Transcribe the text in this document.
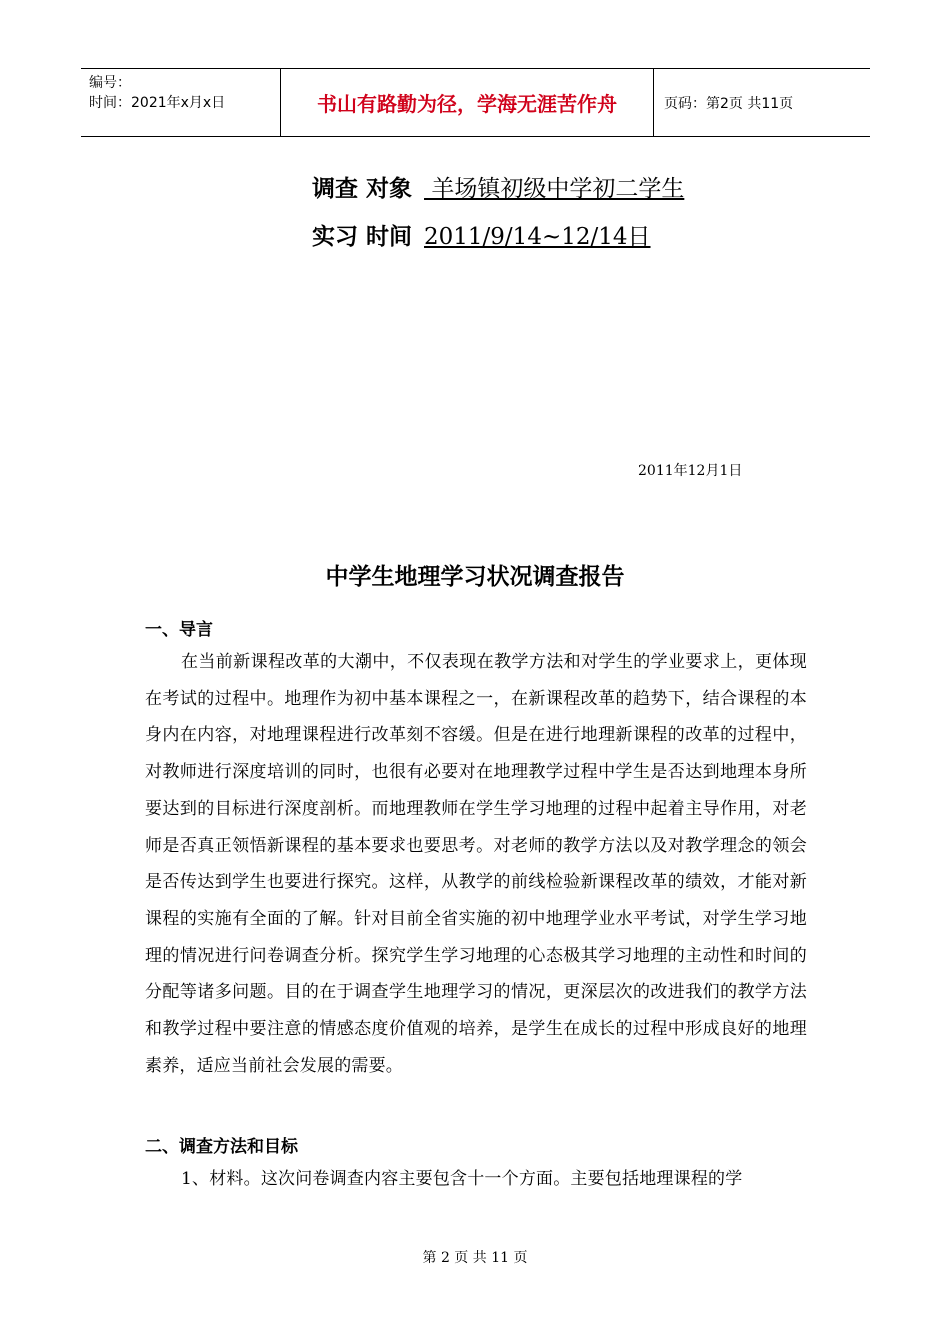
编号：
时间：2021年x月x日	书山有路勤为径，学海无涯苦作舟	页码：第2页 共11页
调查 对象 羊场镇初级中学初二学生
实习 时间 2011/9/14~12/14日
2011年12月1日
中学生地理学习状况调查报告
一、导言
在当前新课程改革的大潮中，不仅表现在教学方法和对学生的学业要求上，更体现在考试的过程中。地理作为初中基本课程之一，在新课程改革的趋势下，结合课程的本身内在内容，对地理课程进行改革刻不容缓。但是在进行地理新课程的改革的过程中，对教师进行深度培训的同时，也很有必要对在地理教学过程中学生是否达到地理本身所要达到的目标进行深度剖析。而地理教师在学生学习地理的过程中起着主导作用，对老师是否真正领悟新课程的基本要求也要思考。对老师的教学方法以及对教学理念的领会是否传达到学生也要进行探究。这样，从教学的前线检验新课程改革的绩效，才能对新课程的实施有全面的了解。针对目前全省实施的初中地理学业水平考试，对学生学习地理的情况进行问卷调查分析。探究学生学习地理的心态极其学习地理的主动性和时间的分配等诸多问题。目的在于调查学生地理学习的情况，更深层次的改进我们的教学方法和教学过程中要注意的情感态度价值观的培养，是学生在成长的过程中形成良好的地理素养，适应当前社会发展的需要。
二、调查方法和目标
1、材料。这次问卷调查内容主要包含十一个方面。主要包括地理课程的学
第 2 页 共 11 页
